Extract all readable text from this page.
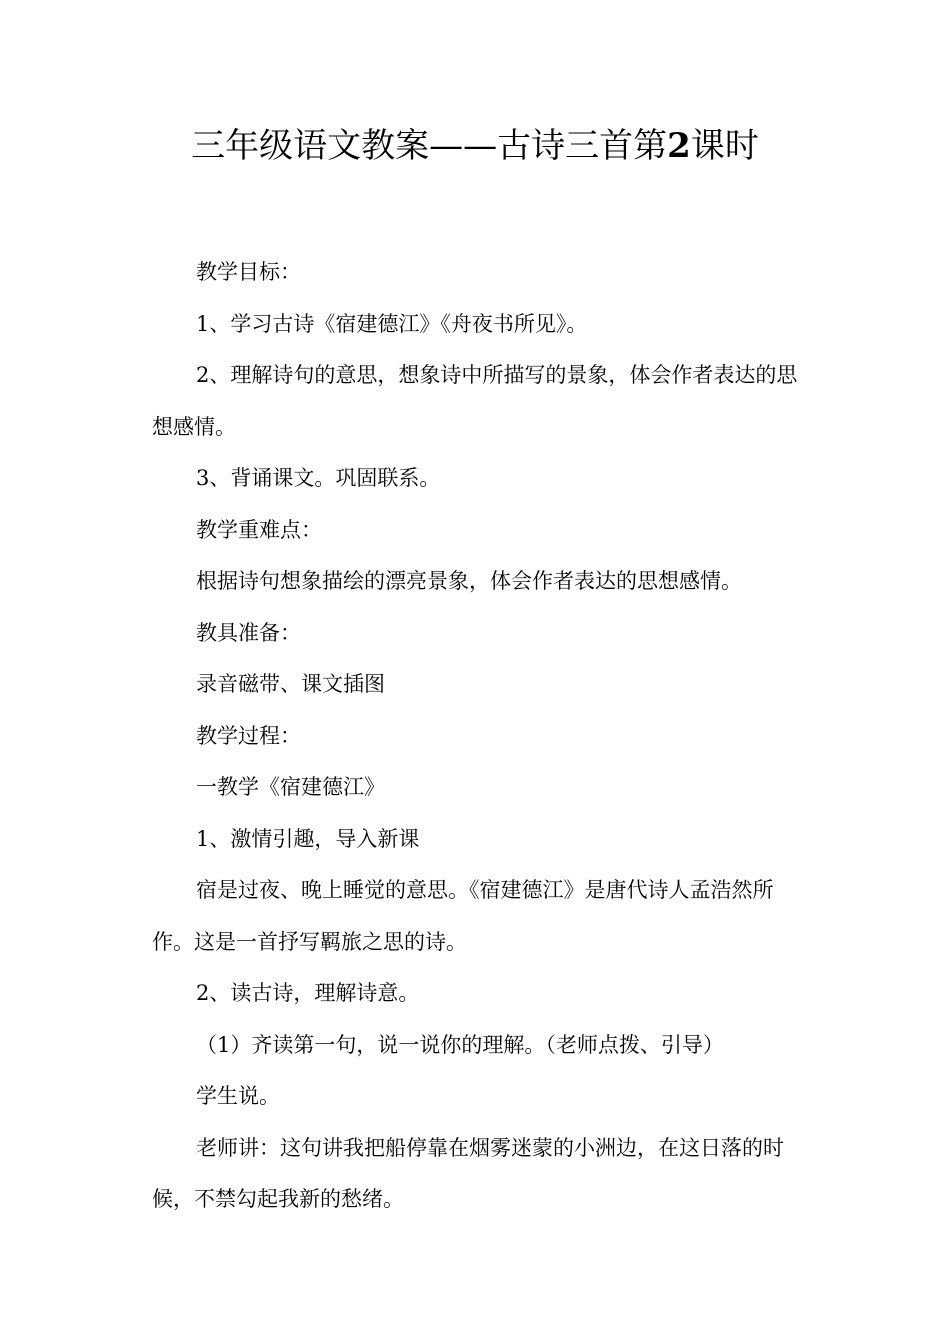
三年级语文教案——古诗三首第2课时

教学目标：

1、学习古诗《宿建德江》《舟夜书所见》。

2、理解诗句的意思，想象诗中所描写的景象，体会作者表达的思想感情。

3、背诵课文。巩固联系。

教学重难点：

根据诗句想象描绘的漂亮景象，体会作者表达的思想感情。

教具准备：

录音磁带、课文插图

教学过程：

一教学《宿建德江》

1、激情引趣，导入新课

宿是过夜、晚上睡觉的意思。《宿建德江》是唐代诗人孟浩然所作。这是一首抒写羁旅之思的诗。

2、读古诗，理解诗意。

（1）齐读第一句，说一说你的理解。（老师点拨、引导）

学生说。

老师讲：这句讲我把船停靠在烟雾迷蒙的小洲边，在这日落的时候，不禁勾起我新的愁绪。
